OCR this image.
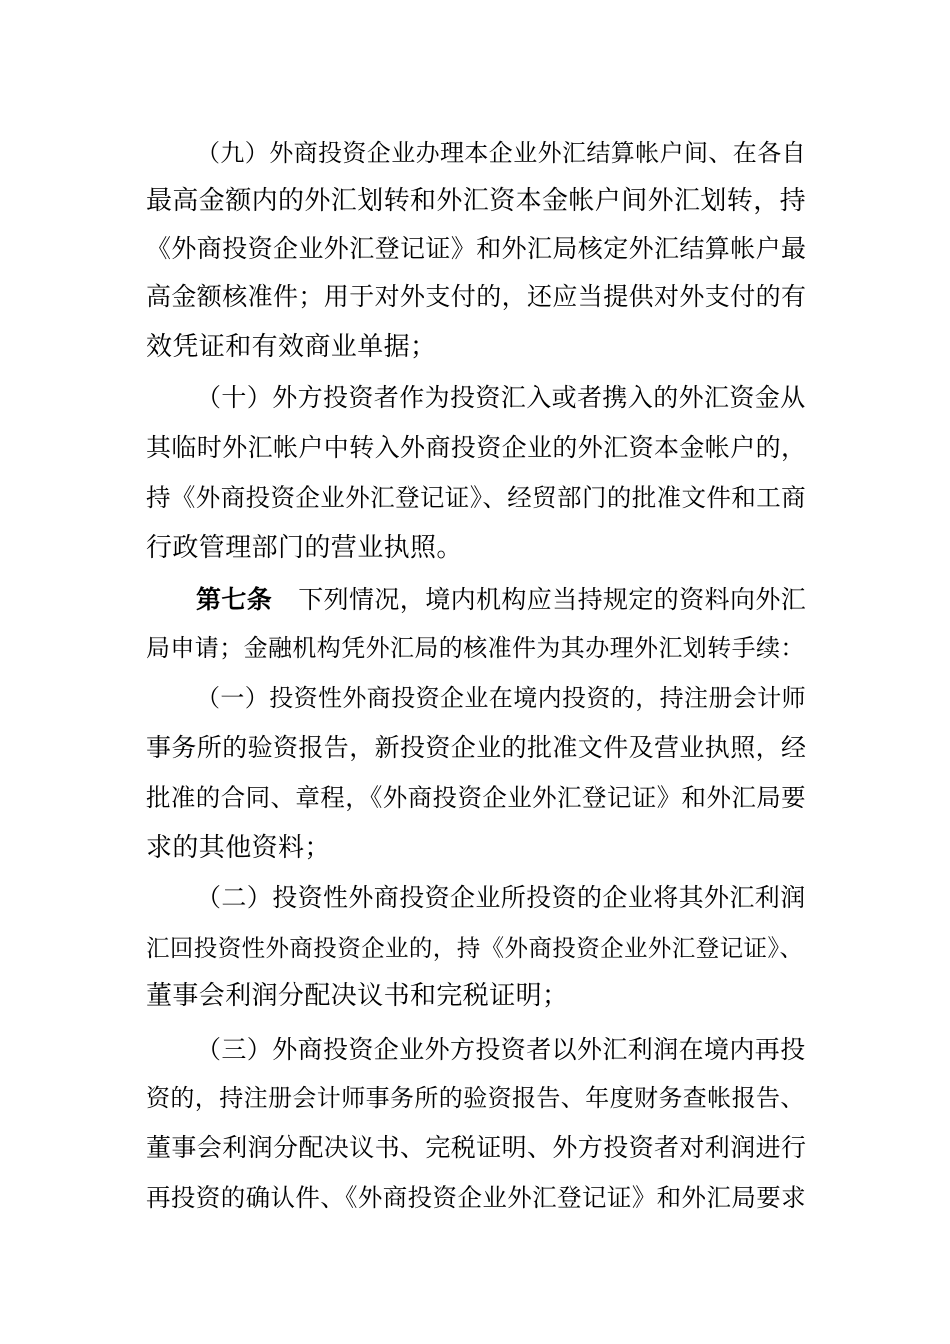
（九）外商投资企业办理本企业外汇结算帐户间、在各自
最高金额内的外汇划转和外汇资本金帐户间外汇划转，持
《外商投资企业外汇登记证》和外汇局核定外汇结算帐户最
高金额核准件；用于对外支付的，还应当提供对外支付的有
效凭证和有效商业单据；
（十）外方投资者作为投资汇入或者携入的外汇资金从
其临时外汇帐户中转入外商投资企业的外汇资本金帐户的，
持《外商投资企业外汇登记证》、经贸部门的批准文件和工商
行政管理部门的营业执照。
第七条 下列情况，境内机构应当持规定的资料向外汇
局申请；金融机构凭外汇局的核准件为其办理外汇划转手续：
（一）投资性外商投资企业在境内投资的，持注册会计师
事务所的验资报告，新投资企业的批准文件及营业执照，经
批准的合同、章程，《外商投资企业外汇登记证》和外汇局要
求的其他资料；
（二）投资性外商投资企业所投资的企业将其外汇利润
汇回投资性外商投资企业的，持《外商投资企业外汇登记证》、
董事会利润分配决议书和完税证明；
（三）外商投资企业外方投资者以外汇利润在境内再投
资的，持注册会计师事务所的验资报告、年度财务查帐报告、
董事会利润分配决议书、完税证明、外方投资者对利润进行
再投资的确认件、《外商投资企业外汇登记证》和外汇局要求
